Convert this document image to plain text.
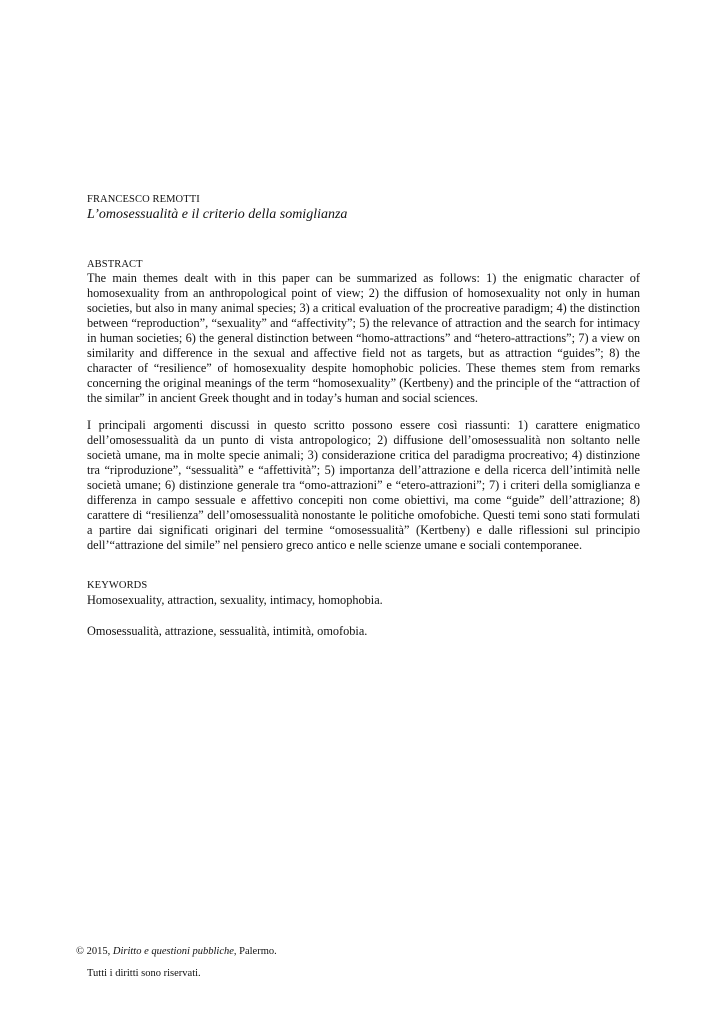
FRANCESCO REMOTTI
L’omosessualità e il criterio della somiglianza
ABSTRACT

The main themes dealt with in this paper can be summarized as follows: 1) the enigmatic character of homosexuality from an anthropological point of view; 2) the diffusion of homosexuality not only in human societies, but also in many animal species; 3) a critical evaluation of the procreative paradigm; 4) the distinction between “reproduction”, “sexuality” and “affectivity”; 5) the relevance of attraction and the search for intimacy in human societies; 6) the general distinction between “homo-attractions” and “hetero-attractions”; 7) a view on similarity and difference in the sexual and affective field not as targets, but as attraction “guides”; 8) the character of “resilience” of homosexuality despite homophobic policies. These themes stem from remarks concerning the original meanings of the term “homosexuality” (Kertbeny) and the principle of the “attraction of the similar” in ancient Greek thought and in today’s human and social sciences.

I principali argomenti discussi in questo scritto possono essere così riassunti: 1) carattere enigmatico dell’omosessualità da un punto di vista antropologico; 2) diffusione dell’omosessualità non soltanto nelle società umane, ma in molte specie animali; 3) considerazione critica del paradigma procreativo; 4) distinzione tra “riproduzione”, “sessualità” e “affettività”; 5) importanza dell’attrazione e della ricerca dell’intimità nelle società umane; 6) distinzione generale tra “omo-attrazioni” e “etero-attrazioni”; 7) i criteri della somiglianza e differenza in campo sessuale e affettivo concepiti non come obiettivi, ma come “guide” dell’attrazione; 8) carattere di “resilienza” dell’omosessualità nonostante le politiche omofobiche. Questi temi sono stati formulati a partire dai significati originari del termine “omosessualità” (Kertbeny) e dalle riflessioni sul principio dell’“attrazione del simile” nel pensiero greco antico e nelle scienze umane e sociali contemporanee.

KEYWORDS
Homosexuality, attraction, sexuality, intimacy, homophobia.
Omosessualità, attrazione, sessualità, intimità, omofobia.
© 2015, Diritto e questioni pubbliche, Palermo.
Tutti i diritti sono riservati.
